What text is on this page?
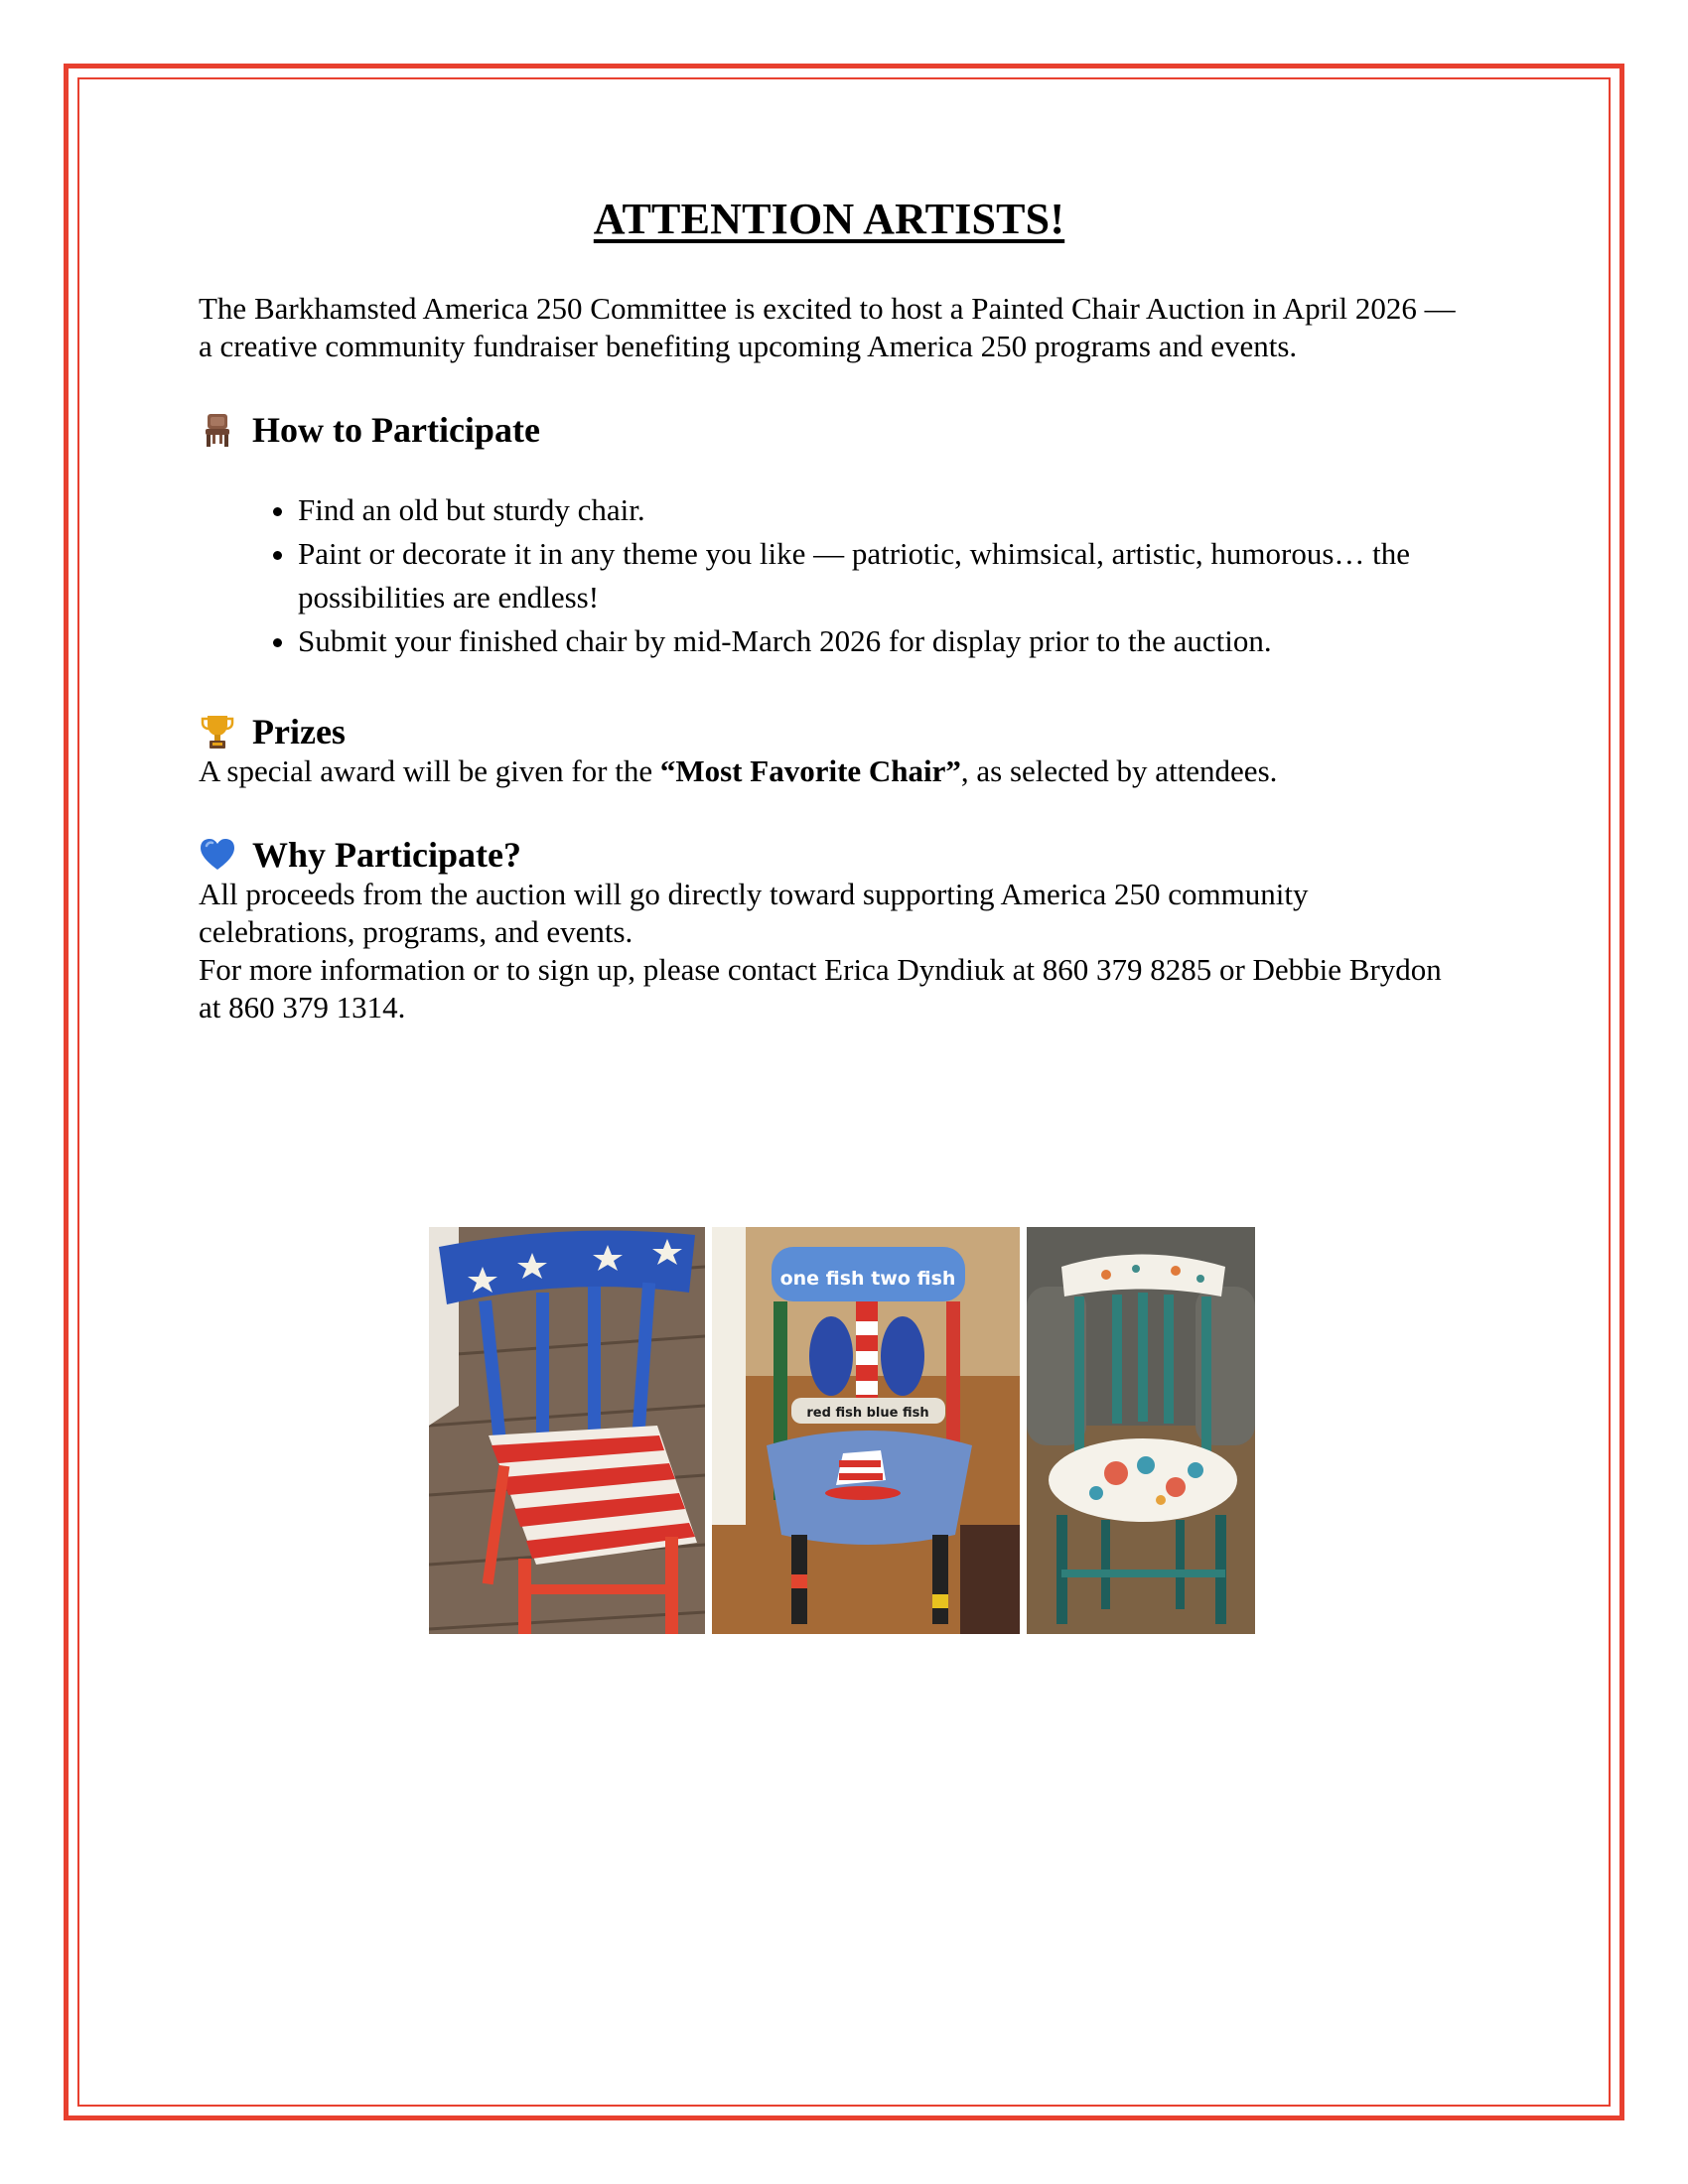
ATTENTION ARTISTS!

The Barkhamsted America 250 Committee is excited to host a Painted Chair Auction in April 2026 — a creative community fundraiser benefiting upcoming America 250 programs and events.

How to Participate
• Find an old but sturdy chair.
• Paint or decorate it in any theme you like — patriotic, whimsical, artistic, humorous… the possibilities are endless!
• Submit your finished chair by mid-March 2026 for display prior to the auction.
Prizes

A special award will be given for the “Most Favorite Chair”, as selected by attendees.

Why Participate?

All proceeds from the auction will go directly toward supporting America 250 community celebrations, programs, and events.

For more information or to sign up, please contact Erica Dyndiuk at 860 379 8285 or Debbie Brydon at 860 379 1314.

one fish two fish
red fish blue fish
